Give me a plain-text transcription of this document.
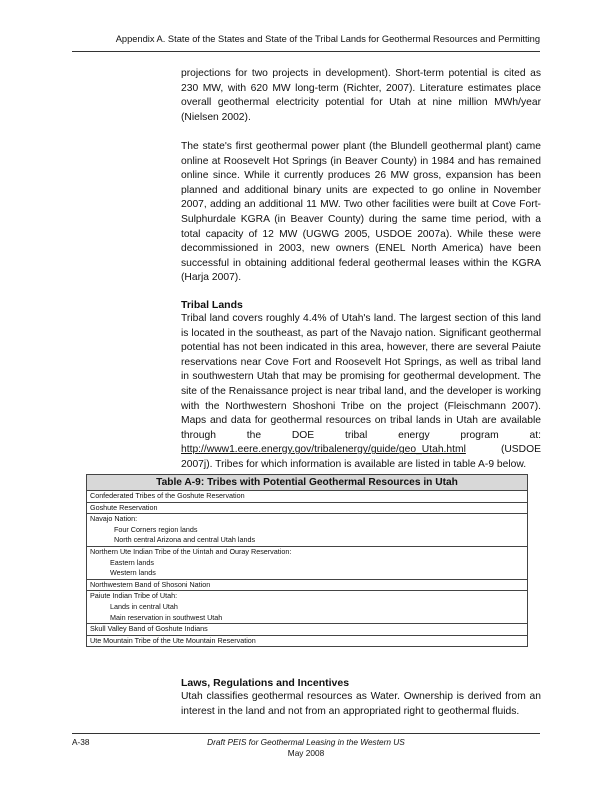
Appendix A. State of the States and State of the Tribal Lands for Geothermal Resources and Permitting

projections for two projects in development). Short-term potential is cited as 230 MW, with 620 MW long-term (Richter, 2007). Literature estimates place overall geothermal electricity potential for Utah at nine million MWh/year (Nielsen 2002).

The state's first geothermal power plant (the Blundell geothermal plant) came online at Roosevelt Hot Springs (in Beaver County) in 1984 and has remained online since. While it currently produces 26 MW gross, expansion has been planned and additional binary units are expected to go online in November 2007, adding an additional 11 MW. Two other facilities were built at Cove Fort-Sulphurdale KGRA (in Beaver County) during the same time period, with a total capacity of 12 MW (UGWG 2005, USDOE 2007a). While these were decommissioned in 2003, new owners (ENEL North America) have been successful in obtaining additional federal geothermal leases within the KGRA (Harja 2007).

Tribal Lands

Tribal land covers roughly 4.4% of Utah's land. The largest section of this land is located in the southeast, as part of the Navajo nation. Significant geothermal potential has not been indicated in this area, however, there are several Paiute reservations near Cove Fort and Roosevelt Hot Springs, as well as tribal land in southwestern Utah that may be promising for geothermal development. The site of the Renaissance project is near tribal land, and the developer is working with the Northwestern Shoshoni Tribe on the project (Fleischmann 2007). Maps and data for geothermal resources on tribal lands in Utah are available through the DOE tribal energy program at: http://www1.eere.energy.gov/tribalenergy/guide/geo_Utah.html (USDOE 2007j). Tribes for which information is available are listed in table A-9 below.

Table A-9: Tribes with Potential Geothermal Resources in Utah

Confederated Tribes of the Goshute Reservation

Goshute Reservation

Navajo Nation:
Four Corners region lands
North central Arizona and central Utah lands

Northern Ute Indian Tribe of the Uintah and Ouray Reservation:
Eastern lands
Western lands

Northwestern Band of Shosoni Nation

Paiute Indian Tribe of Utah:
Lands in central Utah
Main reservation in southwest Utah

Skull Valley Band of Goshute Indians

Ute Mountain Tribe of the Ute Mountain Reservation
Laws, Regulations and Incentives

Utah classifies geothermal resources as Water. Ownership is derived from an interest in the land and not from an appropriated right to geothermal fluids.

A-38	Draft PEIS for Geothermal Leasing in the Western US
May 2008
